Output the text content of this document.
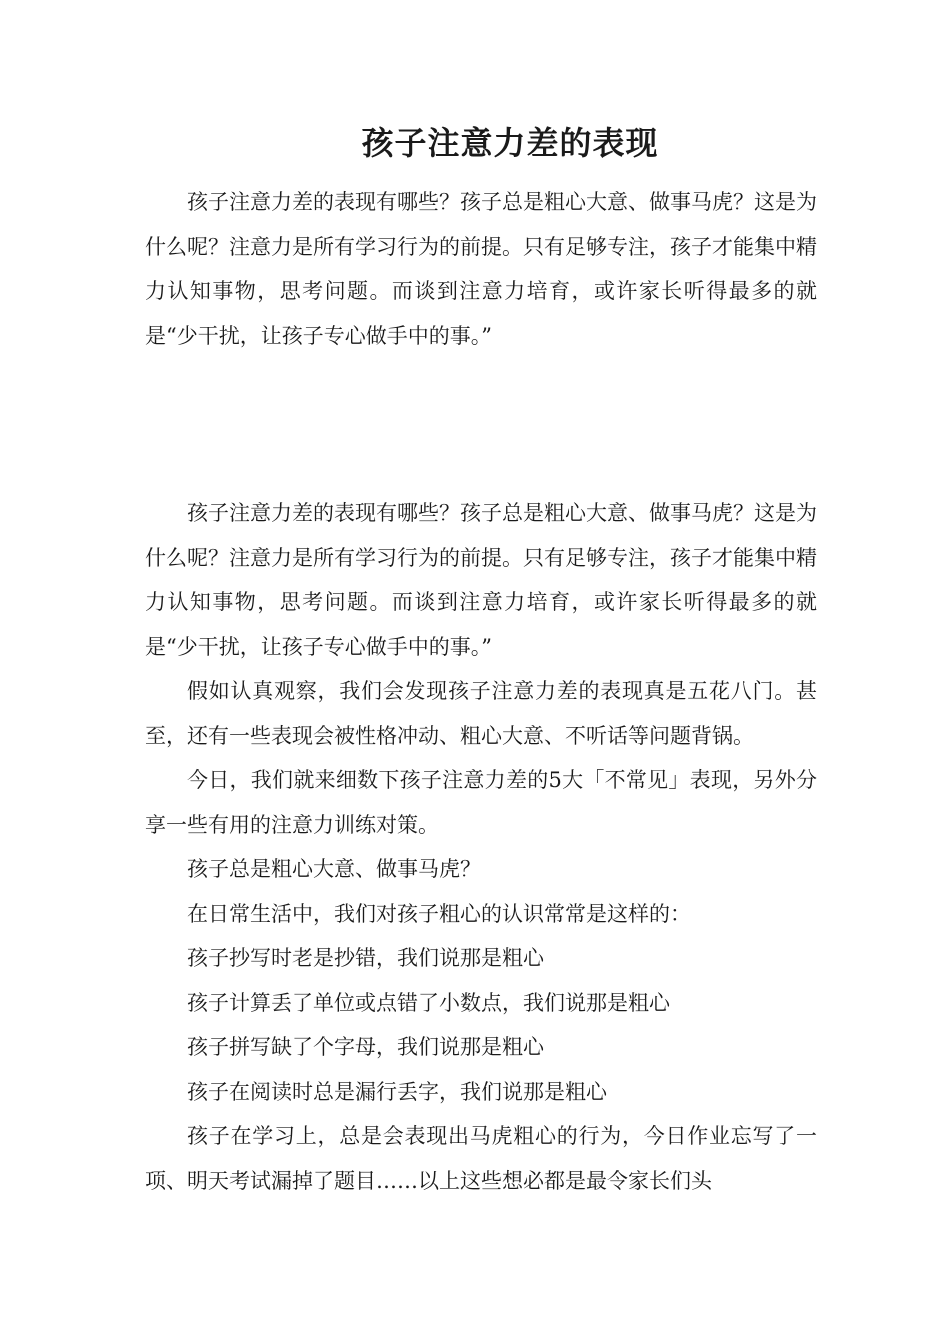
孩子注意力差的表现

孩子注意力差的表现有哪些？孩子总是粗心大意、做事马虎？这是为什么呢？注意力是所有学习行为的前提。只有足够专注，孩子才能集中精力认知事物，思考问题。而谈到注意力培育，或许家长听得最多的就是“少干扰，让孩子专心做手中的事。”

孩子注意力差的表现有哪些？孩子总是粗心大意、做事马虎？这是为什么呢？注意力是所有学习行为的前提。只有足够专注，孩子才能集中精力认知事物，思考问题。而谈到注意力培育，或许家长听得最多的就是“少干扰，让孩子专心做手中的事。”

假如认真观察，我们会发现孩子注意力差的表现真是五花八门。甚至，还有一些表现会被性格冲动、粗心大意、不听话等问题背锅。

今日，我们就来细数下孩子注意力差的5大「不常见」表现，另外分享一些有用的注意力训练对策。

孩子总是粗心大意、做事马虎？

在日常生活中，我们对孩子粗心的认识常常是这样的：

孩子抄写时老是抄错，我们说那是粗心

孩子计算丢了单位或点错了小数点，我们说那是粗心

孩子拼写缺了个字母，我们说那是粗心

孩子在阅读时总是漏行丢字，我们说那是粗心

孩子在学习上，总是会表现出马虎粗心的行为，今日作业忘写了一项、明天考试漏掉了题目……以上这些想必都是最令家长们头
